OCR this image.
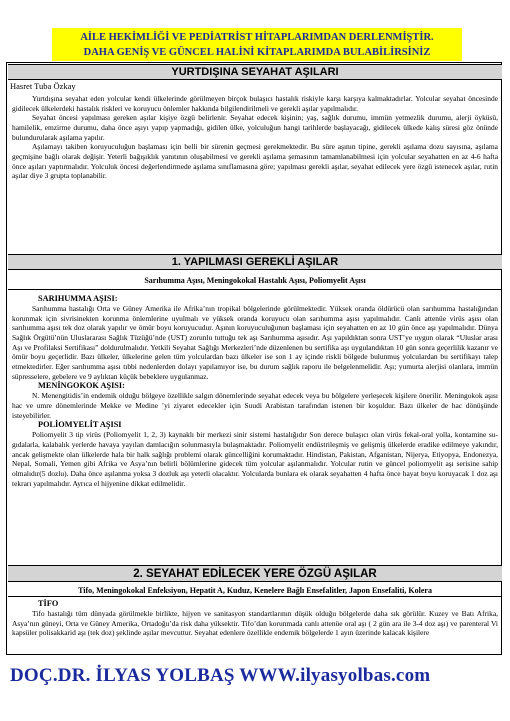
AİLE HEKİMLİĞİ VE PEDİATRİST HİTAPLARIMDAN DERLENMİŞTİR.
DAHA GENİŞ VE GÜNCEL HALİNİ KİTAPLARIMDA BULABİLİRSİNİZ
YURTDIŞINA SEYAHAT AŞILARI
Hasret Tuba Özkay

Yurtdışına seyahat eden yolcular kendi ülkelerinde görülmeyen birçok bulaşıcı hastalık riskiyle karşı karşıya kalmaktadırlar. Yolcular seyahat öncesinde gidilecek ülkelerdeki hastalık riskleri ve koruyucu önlemler hakkında bilgilendirilmeli ve gerekli aşılar yapılmalıdır.

Seyahat öncesi yapılması gereken aşılar kişiye özgü belirlenir. Seyahat edecek kişinin; yaş, sağlık durumu, immün yetmezlik durumu, alerji öyküsü, hamilelik, emzirme durumu, daha önce aşıyı yapıp yapmadığı, gidilen ülke, yolculuğun hangi tarihlerde başlayacağı, gidilecek ülkede kalış süresi göz önünde bulundurularak aşılama yapılır.

Aşılamayı takiben koruyuculuğun başlaması için belli bir sürenin geçmesi gerekmektedir. Bu süre aşının tipine, gerekli aşılama dozu sayısına, aşılama geçmişine bağlı olarak değişir. Yeterli bağışıklık yanıtının oluşabilmesi ve gerekli aşılama şemasının tamamlanabilmesi için yolcular seyahatten en az 4-6 hafta önce aşıları yaptırmalıdır. Yolculuk öncesi değerlendirmede aşılama sınıflamasına göre; yapılması gerekli aşılar, seyahat edilecek yere özgü istenecek aşılar, rutin aşılar diye 3 grupta toplanabilir.

1. YAPILMASI GEREKLİ AŞILAR
Sarıhumma Aşısı, Meningokokal Hastalık Aşısı, Poliomyelit Aşısı
SARIHUMMA AŞISI:

Sarıhumma hastalığı Orta ve Güney Amerika ile Afrika’nın tropikal bölgelerinde görülmektedir. Yüksek oranda öldürücü olan sarıhumma hastalığından korunmak için sivrisinekten korunma önlemlerine uyulmalı ve yüksek oranda koruyucu olan sarıhumma aşısı yapılmalıdır. Canlı attenüe virüs aşısı olan sarıhumma aşısı tek doz olarak yapılır ve ömür boyu koruyucudur. Aşının koruyuculuğunun başlaması için seyahatten en az 10 gün önce aşı yapılmalıdır. Dünya Sağlık Örgütü’nün Uluslararası Sağlık Tüzüğü’nde (UST) zorunlu tuttuğu tek aşı Sarıhumma aşısıdır. Aşı yapıldıktan sonra UST’ye uygun olarak “Uluslar arası Aşı ve Profilaksi Sertifikası” doldurulmalıdır. Yetkili Seyahat Sağlığı Merkezleri’nde düzenlenen bu sertifika aşı uygulandıktan 10 gün sonra geçerlilik kazanır ve ömür boyu geçerlidir. Bazı ülkeler, ülkelerine gelen tüm yolculardan bazı ülkeler ise son 1 ay içinde riskli bölgede bulunmuş yolculardan bu sertifikayı talep etmektedirler. Eğer sarıhumma aşısı tıbbi nedenlerden dolayı yapılamıyor ise, bu durum sağlık raporu ile belgelenmelidir. Aşı; yumurta alerjisi olanlara, immün süpresselere, gebelere ve 9 aylıktan küçük bebeklere uygulanmaz.

MENİNGOKOK AŞISI:

N. Menengitidis’in endemik olduğu bölgeye özellikle salgın dönemlerinde seyahat edecek veya bu bölgelere yerleşecek kişilere önerilir. Meningokok aşısı hac ve umre dönemlerinde Mekke ve Medine ’yi ziyaret edecekler için Suudi Arabistan tarafından istenen bir koşuldur. Bazı ülkeler de hac dönüşünde isteyebilirler.

POLİOMYELİT AŞISI

Poliomyelit 3 tip virüs (Poliomyelit 1, 2, 3) kaynaklı bir merkezi sinir sistemi hastalığıdır Son derece bulaşıcı olan virüs fekal-oral yolla, kontamine su-gıdalarla, kalabalık yerlerde havaya yayılan damlacığın solunmasıyla bulaşmaktadır. Poliomyelit endüstrileşmiş ve gelişmiş ülkelerde eradike edilmeye yakındır, ancak gelişmekte olan ülkelerde hala bir halk sağlığı problemi olarak güncelliğini korumaktadır. Hindistan, Pakistan, Afganistan, Nijerya, Etiyopya, Endonezya, Nepal, Somali, Yemen gibi Afrika ve Asya’nın belirli bölümlerine gidecek tüm yolcular aşılanmalıdır. Yolcular rutin ve güncel poliomyelit aşı serisine sahip olmalıdır(5 dozlu). Daha önce aşılanma yoksa 3 dozluk aşı yeterli olacaktır. Yolcularda bunlara ek olarak seyahatten 4 hafta önce hayat boyu koruyacak 1 doz aşı tekrarı yapılmalıdır. Ayrıca el hijyenine dikkat edilmelidir.

2. SEYAHAT EDİLECEK YERE ÖZGÜ AŞILAR
Tifo, Meningokokal Enfeksiyon, Hepatit A, Kuduz, Kenelere Bağlı Ensefalitler, Japon Ensefaliti, Kolera
TİFO

Tifo hastalığı tüm dünyada görülmekle birlikte, hijyen ve sanitasyon standartlarının düşük olduğu bölgelerde daha sık görülür. Kuzey ve Batı Afrika, Asya’nın güneyi, Orta ve Güney Amerika, Ortadoğu’da risk daha yüksektir. Tifo’dan korunmada canlı attenüe oral aşı ( 2 gün ara ile 3-4 doz aşı) ve parenteral Vi kapsüler polisakkarid aşı (tek doz) şeklinde aşılar mevcuttur. Seyahat edenlere özellikle endemik bölgelerde 1 ayın üzerinde kalacak kişilere

DOÇ.DR. İLYAS YOLBAŞ WWW.ilyasyolbas.com
